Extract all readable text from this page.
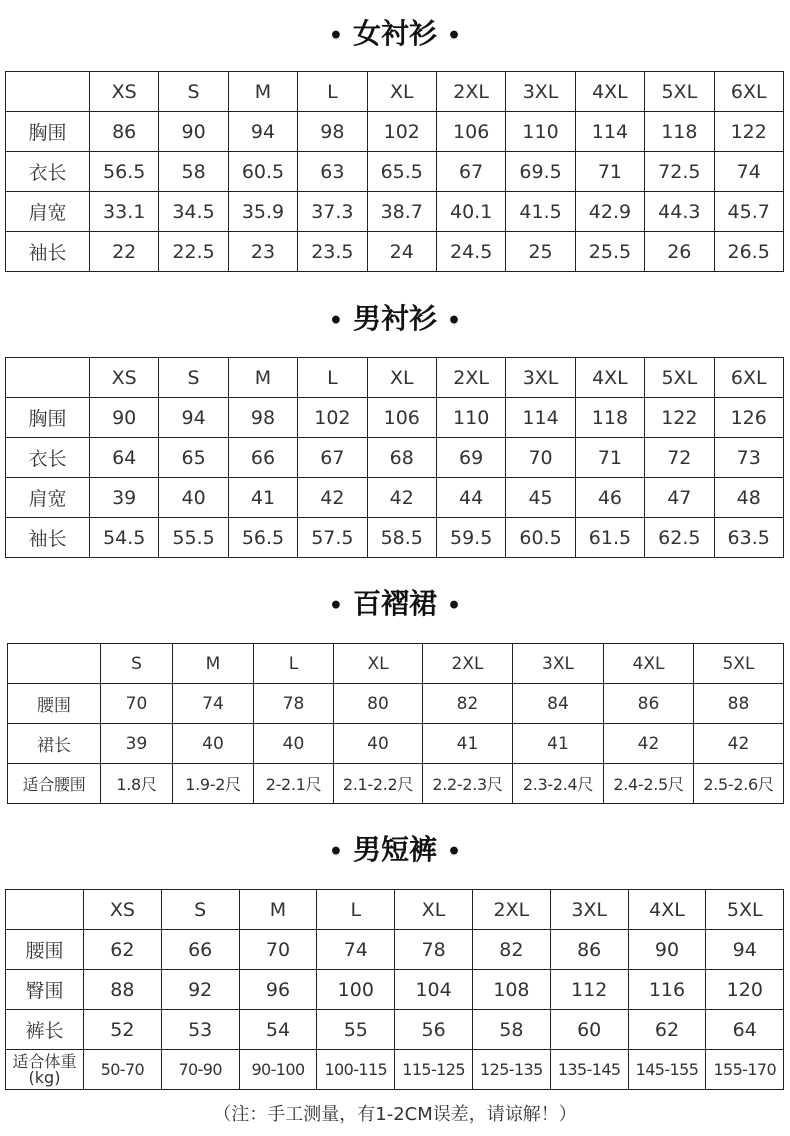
• 女衬衫 •
• 男衬衫 •
• 百褶裙 •
• 男短裤 •
	XS	S	M	L	XL	2XL	3XL	4XL	5XL	6XL
胸围	86	90	94	98	102	106	110	114	118	122
衣长	56.5	58	60.5	63	65.5	67	69.5	71	72.5	74
肩宽	33.1	34.5	35.9	37.3	38.7	40.1	41.5	42.9	44.3	45.7
袖长	22	22.5	23	23.5	24	24.5	25	25.5	26	26.5
	XS	S	M	L	XL	2XL	3XL	4XL	5XL	6XL
胸围	90	94	98	102	106	110	114	118	122	126
衣长	64	65	66	67	68	69	70	71	72	73
肩宽	39	40	41	42	42	44	45	46	47	48
袖长	54.5	55.5	56.5	57.5	58.5	59.5	60.5	61.5	62.5	63.5
	S	M	L	XL	2XL	3XL	4XL	5XL
腰围	70	74	78	80	82	84	86	88
裙长	39	40	40	40	41	41	42	42
适合腰围	1.8尺	1.9-2尺	2-2.1尺	2.1-2.2尺	2.2-2.3尺	2.3-2.4尺	2.4-2.5尺	2.5-2.6尺
	XS	S	M	L	XL	2XL	3XL	4XL	5XL
腰围	62	66	70	74	78	82	86	90	94
臀围	88	92	96	100	104	108	112	116	120
裤长	52	53	54	55	56	58	60	62	64
适合体重(kg)	50-70	70-90	90-100	100-115	115-125	125-135	135-145	145-155	155-170
（注：手工测量，有1-2CM误差，请谅解！）
